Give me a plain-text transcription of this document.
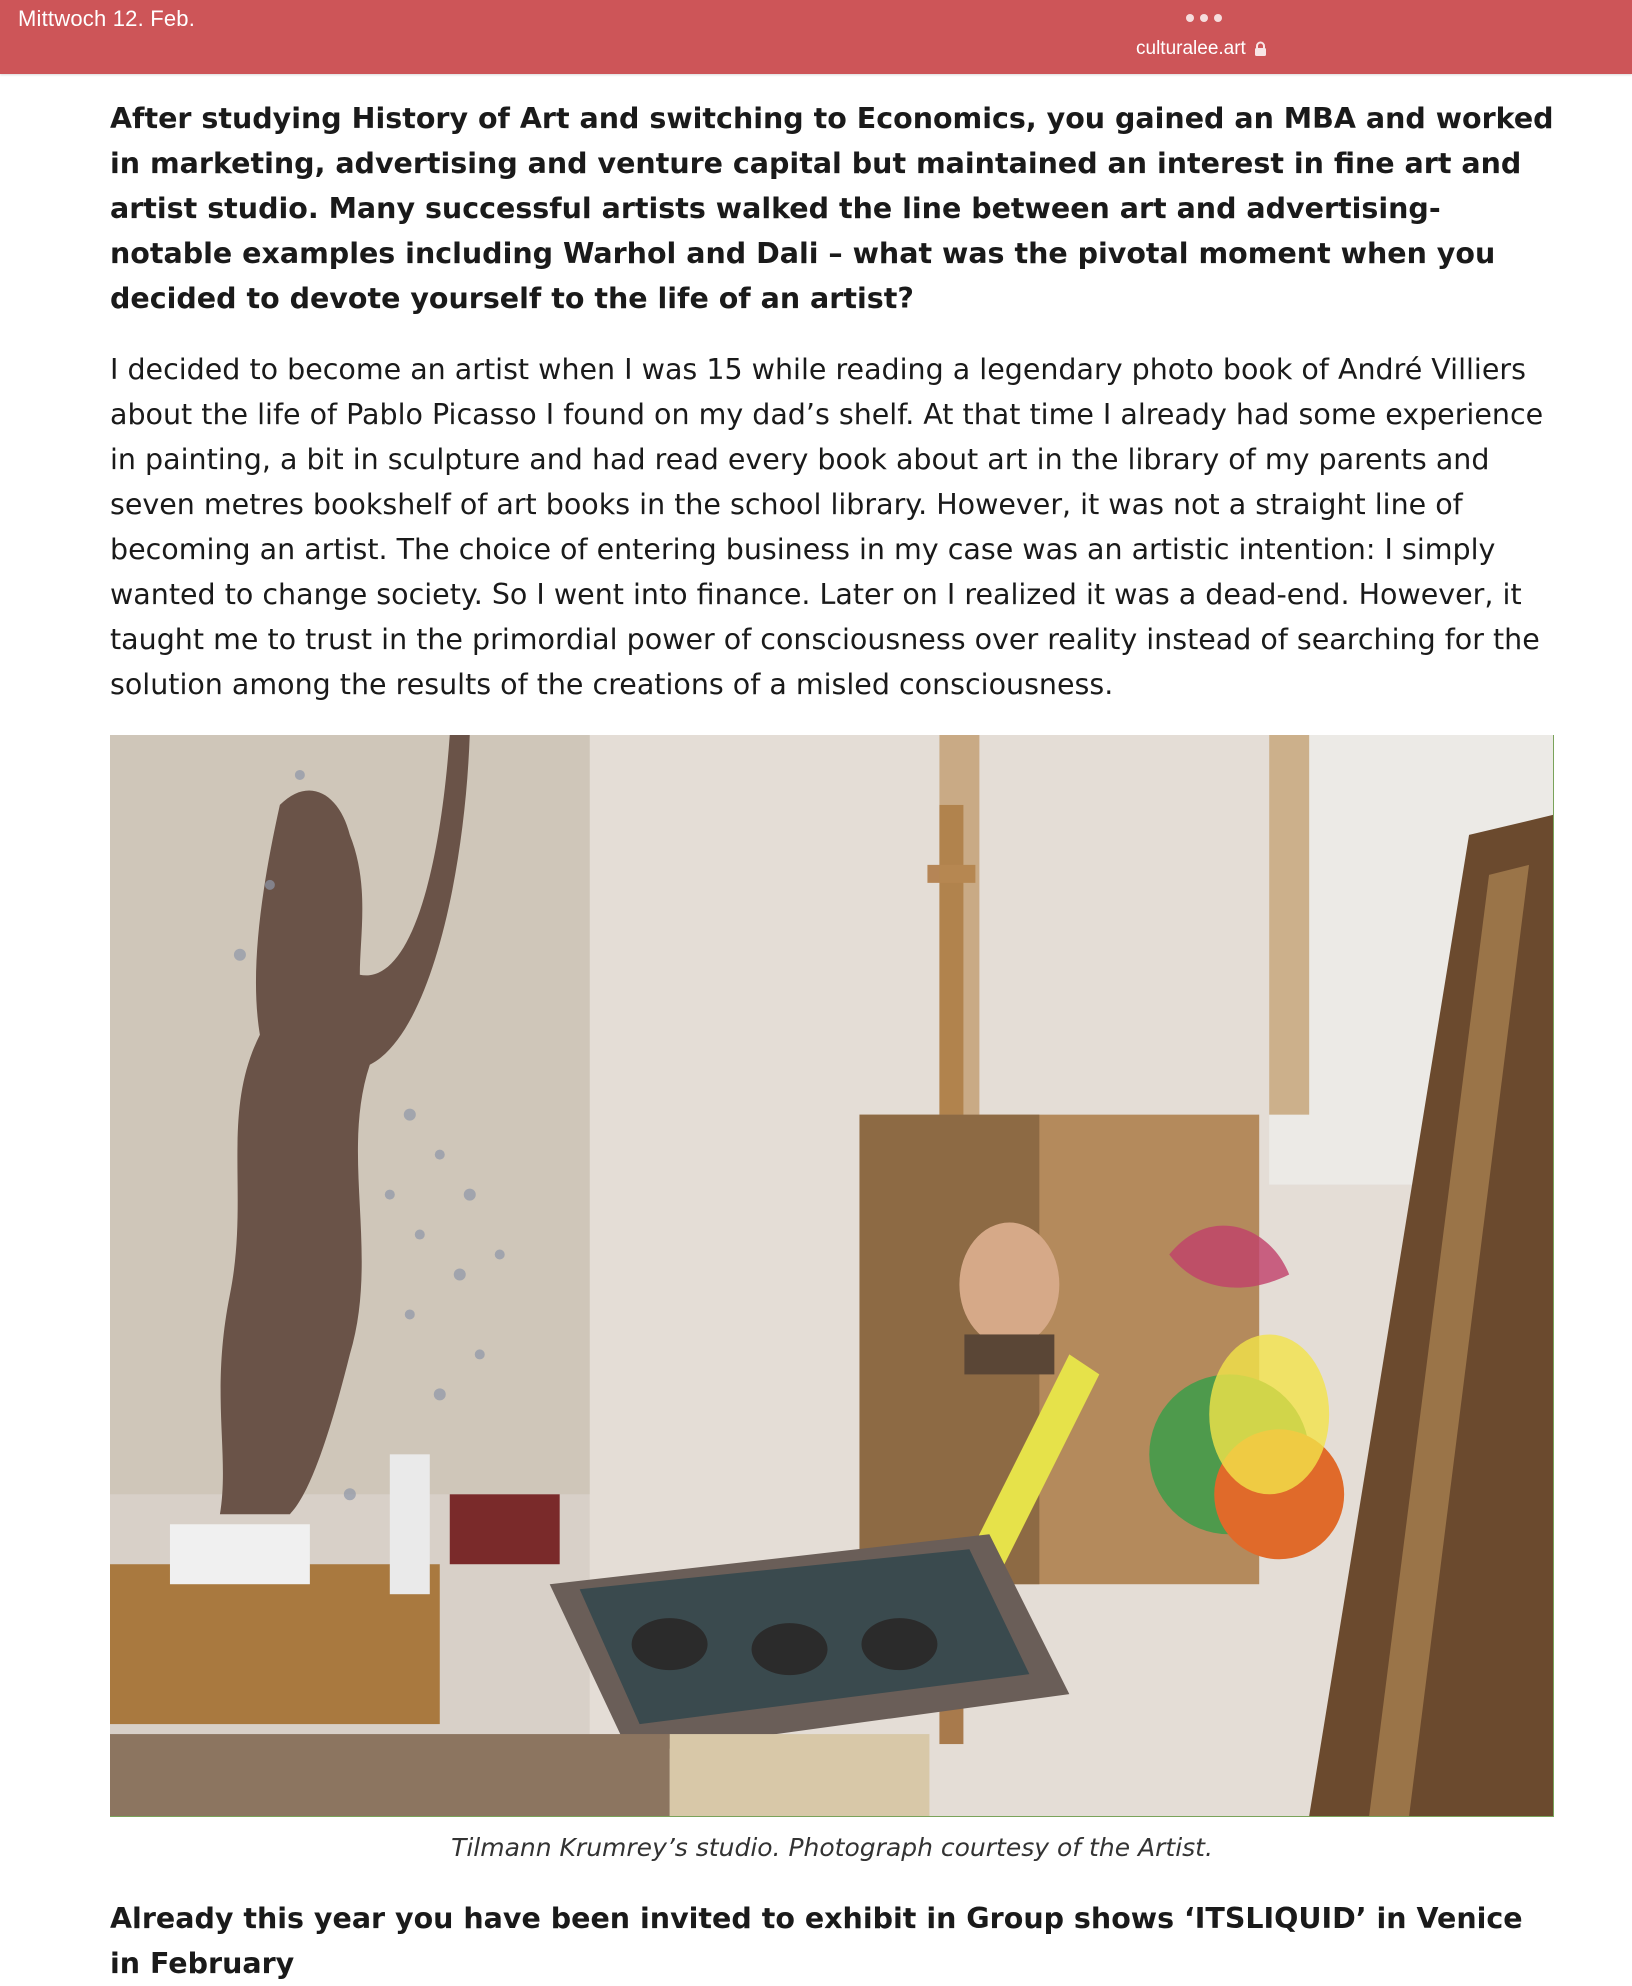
Mittwoch 12. Feb.
culturalee.art

After studying History of Art and switching to Economics, you gained an MBA and worked in marketing, advertising and venture capital but maintained an interest in fine art and artist studio. Many successful artists walked the line between art and advertising-notable examples including Warhol and Dali – what was the pivotal moment when you decided to devote yourself to the life of an artist?

I decided to become an artist when I was 15 while reading a legendary photo book of André Villiers about the life of Pablo Picasso I found on my dad’s shelf. At that time I already had some experience in painting, a bit in sculpture and had read every book about art in the library of my parents and seven metres bookshelf of art books in the school library. However, it was not a straight line of becoming an artist. The choice of entering business in my case was an artistic intention: I simply wanted to change society. So I went into finance. Later on I realized it was a dead-end. However, it taught me to trust in the primordial power of consciousness over reality instead of searching for the solution among the results of the creations of a misled consciousness.

Tilmann Krumrey’s studio. Photograph courtesy of the Artist.

Already this year you have been invited to exhibit in Group shows ‘ITSLIQUID’ in Venice in February
